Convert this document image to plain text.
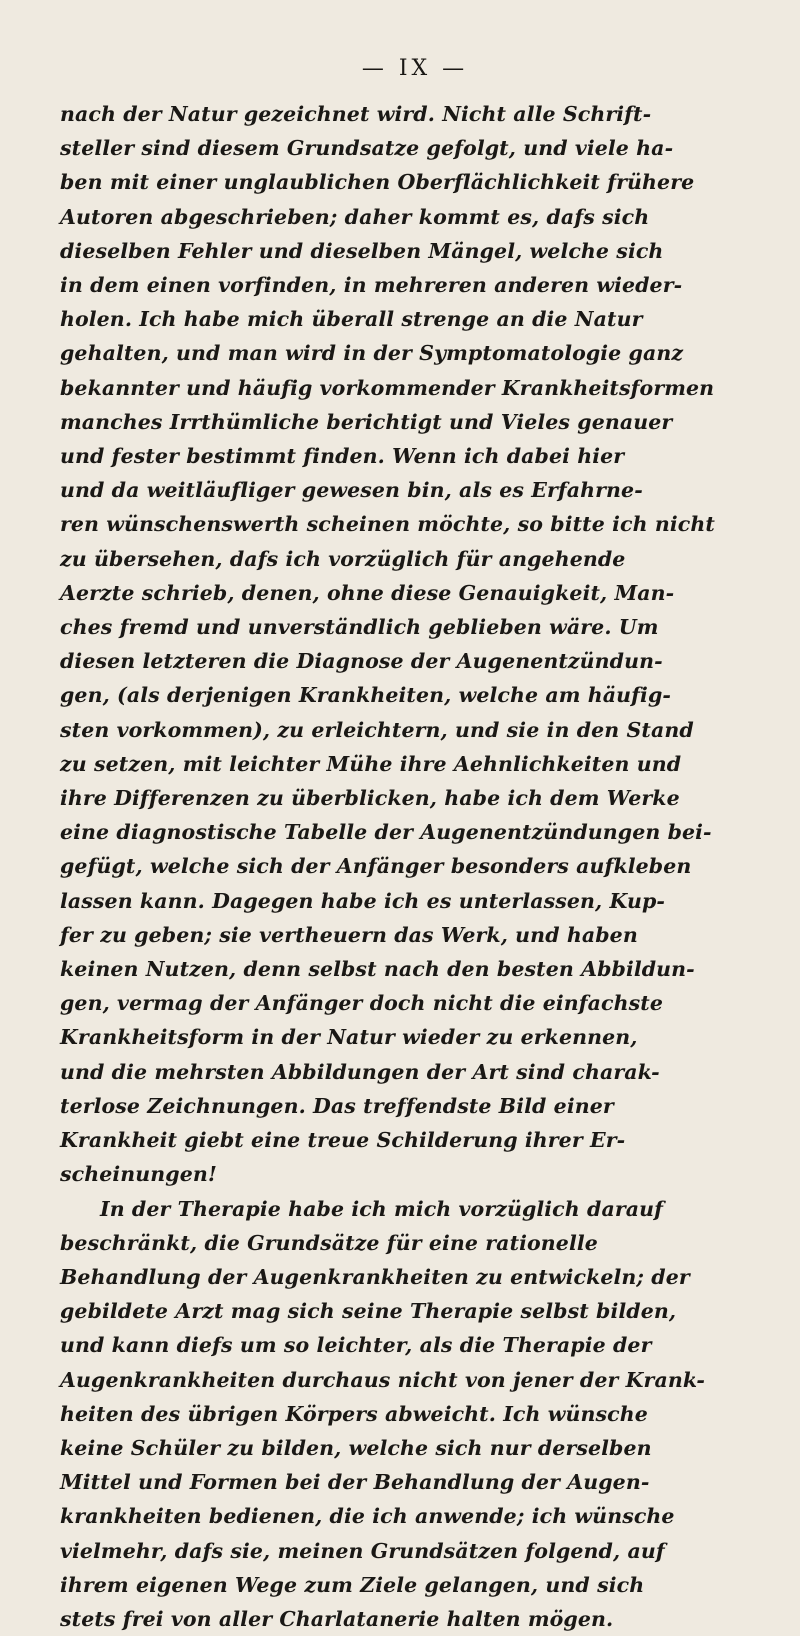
— IX —
nach der Natur gezeichnet wird. Nicht alle Schrift-
steller sind diesem Grundsatze gefolgt, und viele ha-
ben mit einer unglaublichen Oberflächlichkeit frühere
Autoren abgeschrieben; daher kommt es, dafs sich
dieselben Fehler und dieselben Mängel, welche sich
in dem einen vorfinden, in mehreren anderen wieder-
holen. Ich habe mich überall strenge an die Natur
gehalten, und man wird in der Symptomatologie ganz
bekannter und häufig vorkommender Krankheitsformen
manches Irrthümliche berichtigt und Vieles genauer
und fester bestimmt finden. Wenn ich dabei hier
und da weitläufliger gewesen bin, als es Erfahrne-
ren wünschenswerth scheinen möchte, so bitte ich nicht
zu übersehen, dafs ich vorzüglich für angehende
Aerzte schrieb, denen, ohne diese Genauigkeit, Man-
ches fremd und unverständlich geblieben wäre. Um
diesen letzteren die Diagnose der Augenentzündun-
gen, (als derjenigen Krankheiten, welche am häufig-
sten vorkommen), zu erleichtern, und sie in den Stand
zu setzen, mit leichter Mühe ihre Aehnlichkeiten und
ihre Differenzen zu überblicken, habe ich dem Werke
eine diagnostische Tabelle der Augenentzündungen bei-
gefügt, welche sich der Anfänger besonders aufkleben
lassen kann. Dagegen habe ich es unterlassen, Kup-
fer zu geben; sie vertheuern das Werk, und haben
keinen Nutzen, denn selbst nach den besten Abbildun-
gen, vermag der Anfänger doch nicht die einfachste
Krankheitsform in der Natur wieder zu erkennen,
und die mehrsten Abbildungen der Art sind charak-
terlose Zeichnungen. Das treffendste Bild einer
Krankheit giebt eine treue Schilderung ihrer Er-
scheinungen!
In der Therapie habe ich mich vorzüglich darauf
beschränkt, die Grundsätze für eine rationelle
Behandlung der Augenkrankheiten zu entwickeln; der
gebildete Arzt mag sich seine Therapie selbst bilden,
und kann diefs um so leichter, als die Therapie der
Augenkrankheiten durchaus nicht von jener der Krank-
heiten des übrigen Körpers abweicht. Ich wünsche
keine Schüler zu bilden, welche sich nur derselben
Mittel und Formen bei der Behandlung der Augen-
krankheiten bedienen, die ich anwende; ich wünsche
vielmehr, dafs sie, meinen Grundsätzen folgend, auf
ihrem eigenen Wege zum Ziele gelangen, und sich
stets frei von aller Charlatanerie halten mögen.
